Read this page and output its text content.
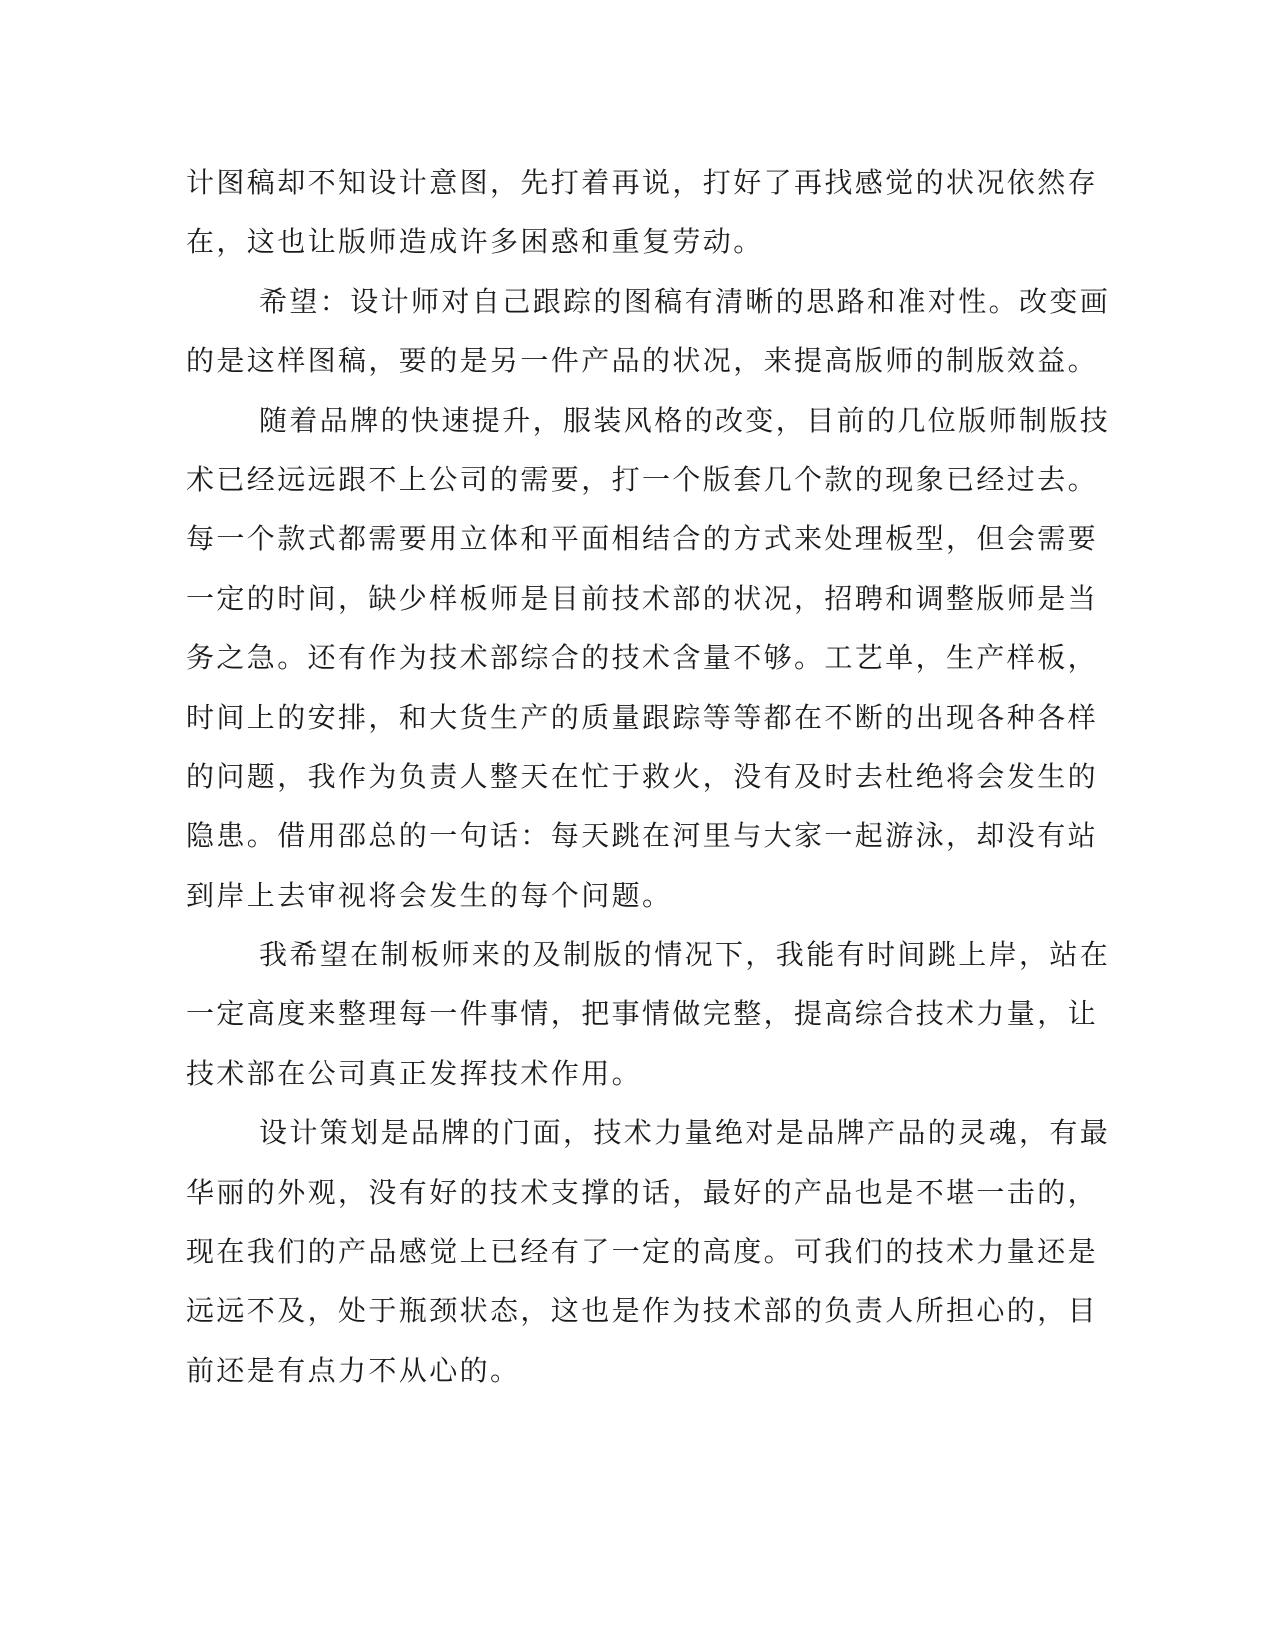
计图稿却不知设计意图，先打着再说，打好了再找感觉的状况依然存
在，这也让版师造成许多困惑和重复劳动。
希望：设计师对自己跟踪的图稿有清晰的思路和准对性。改变画
的是这样图稿，要的是另一件产品的状况，来提高版师的制版效益。
随着品牌的快速提升，服装风格的改变，目前的几位版师制版技
术已经远远跟不上公司的需要，打一个版套几个款的现象已经过去。
每一个款式都需要用立体和平面相结合的方式来处理板型，但会需要
一定的时间，缺少样板师是目前技术部的状况，招聘和调整版师是当
务之急。还有作为技术部综合的技术含量不够。工艺单，生产样板，
时间上的安排，和大货生产的质量跟踪等等都在不断的出现各种各样
的问题，我作为负责人整天在忙于救火，没有及时去杜绝将会发生的
隐患。借用邵总的一句话：每天跳在河里与大家一起游泳，却没有站
到岸上去审视将会发生的每个问题。
我希望在制板师来的及制版的情况下，我能有时间跳上岸，站在
一定高度来整理每一件事情，把事情做完整，提高综合技术力量，让
技术部在公司真正发挥技术作用。
设计策划是品牌的门面，技术力量绝对是品牌产品的灵魂，有最
华丽的外观，没有好的技术支撑的话，最好的产品也是不堪一击的，
现在我们的产品感觉上已经有了一定的高度。可我们的技术力量还是
远远不及，处于瓶颈状态，这也是作为技术部的负责人所担心的，目
前还是有点力不从心的。
